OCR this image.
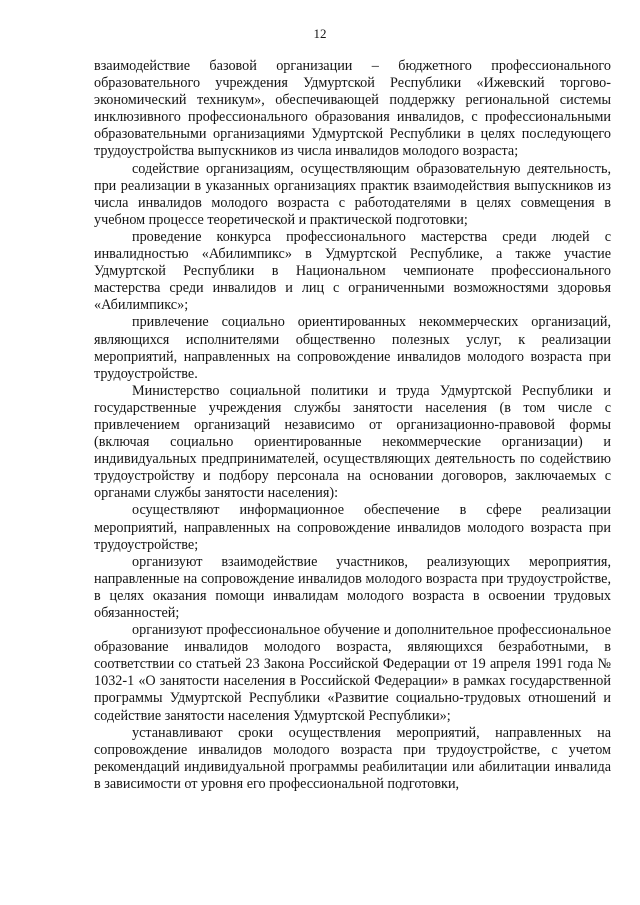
12

взаимодействие базовой организации – бюджетного профессионального образовательного учреждения Удмуртской Республики «Ижевский торгово-экономический техникум», обеспечивающей поддержку региональной системы инклюзивного профессионального образования инвалидов, с профессиональными образовательными организациями Удмуртской Республики в целях последующего трудоустройства выпускников из числа инвалидов молодого возраста;

содействие организациям, осуществляющим образовательную деятельность, при реализации в указанных организациях практик взаимодействия выпускников из числа инвалидов молодого возраста с работодателями в целях совмещения в учебном процессе теоретической и практической подготовки;

проведение конкурса профессионального мастерства среди людей с инвалидностью «Абилимпикс» в Удмуртской Республике, а также участие Удмуртской Республики в Национальном чемпионате профессионального мастерства среди инвалидов и лиц с ограниченными возможностями здоровья «Абилимпикс»;

привлечение социально ориентированных некоммерческих организаций, являющихся исполнителями общественно полезных услуг, к реализации мероприятий, направленных на сопровождение инвалидов молодого возраста при трудоустройстве.

Министерство социальной политики и труда Удмуртской Республики и государственные учреждения службы занятости населения (в том числе с привлечением организаций независимо от организационно-правовой формы (включая социально ориентированные некоммерческие организации) и индивидуальных предпринимателей, осуществляющих деятельность по содействию трудоустройству и подбору персонала на основании договоров, заключаемых с органами службы занятости населения):

осуществляют информационное обеспечение в сфере реализации мероприятий, направленных на сопровождение инвалидов молодого возраста при трудоустройстве;

организуют взаимодействие участников, реализующих мероприятия, направленные на сопровождение инвалидов молодого возраста при трудоустройстве, в целях оказания помощи инвалидам молодого возраста в освоении трудовых обязанностей;

организуют профессиональное обучение и дополнительное профессиональное образование инвалидов молодого возраста, являющихся безработными, в соответствии со статьей 23 Закона Российской Федерации от 19 апреля 1991 года № 1032-1 «О занятости населения в Российской Федерации» в рамках государственной программы Удмуртской Республики «Развитие социально-трудовых отношений и содействие занятости населения Удмуртской Республики»;

устанавливают сроки осуществления мероприятий, направленных на сопровождение инвалидов молодого возраста при трудоустройстве, с учетом рекомендаций индивидуальной программы реабилитации или абилитации инвалида в зависимости от уровня его профессиональной подготовки,
